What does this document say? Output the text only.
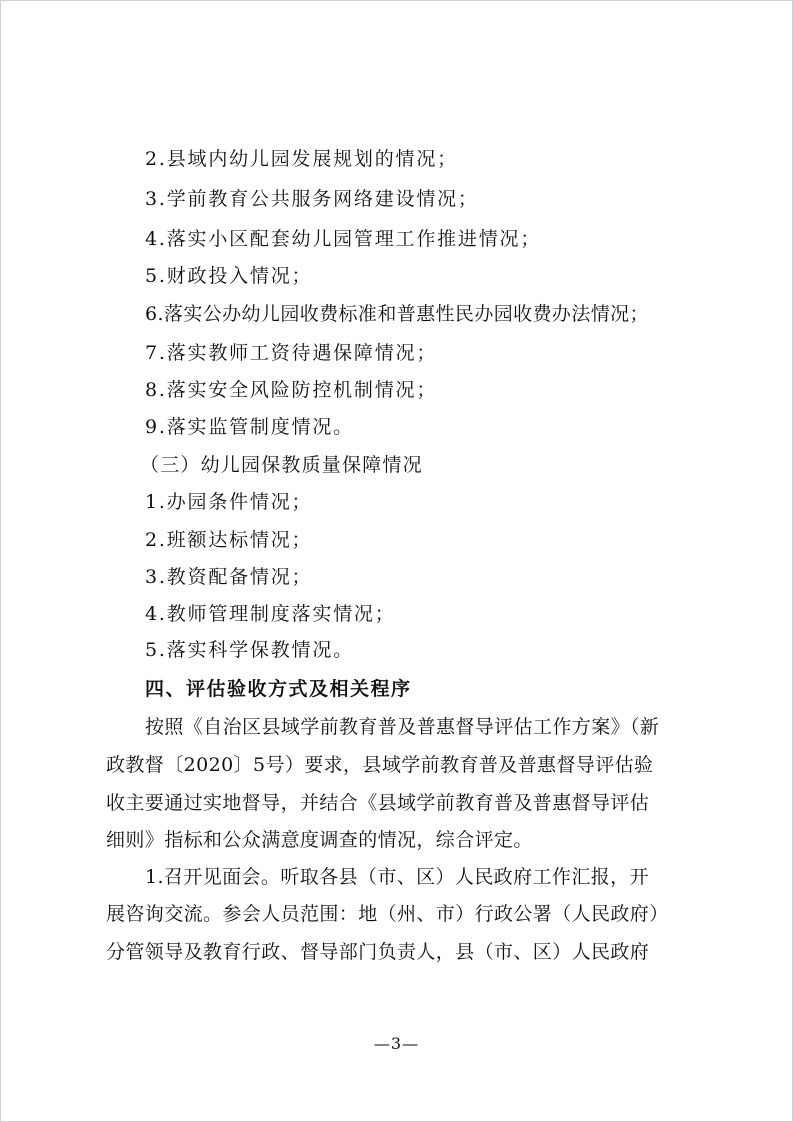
2.县域内幼儿园发展规划的情况；
3.学前教育公共服务网络建设情况；
4.落实小区配套幼儿园管理工作推进情况；
5.财政投入情况；
6.落实公办幼儿园收费标准和普惠性民办园收费办法情况；
7.落实教师工资待遇保障情况；
8.落实安全风险防控机制情况；
9.落实监管制度情况。
（三）幼儿园保教质量保障情况
1.办园条件情况；
2.班额达标情况；
3.教资配备情况；
4.教师管理制度落实情况；
5.落实科学保教情况。
四、评估验收方式及相关程序
按照《自治区县域学前教育普及普惠督导评估工作方案》（新
政教督〔2020〕5号）要求，县域学前教育普及普惠督导评估验
收主要通过实地督导，并结合《县域学前教育普及普惠督导评估
细则》指标和公众满意度调查的情况，综合评定。
1.召开见面会。听取各县（市、区）人民政府工作汇报，开
展咨询交流。参会人员范围：地（州、市）行政公署（人民政府）
分管领导及教育行政、督导部门负责人，县（市、区）人民政府
—3—
